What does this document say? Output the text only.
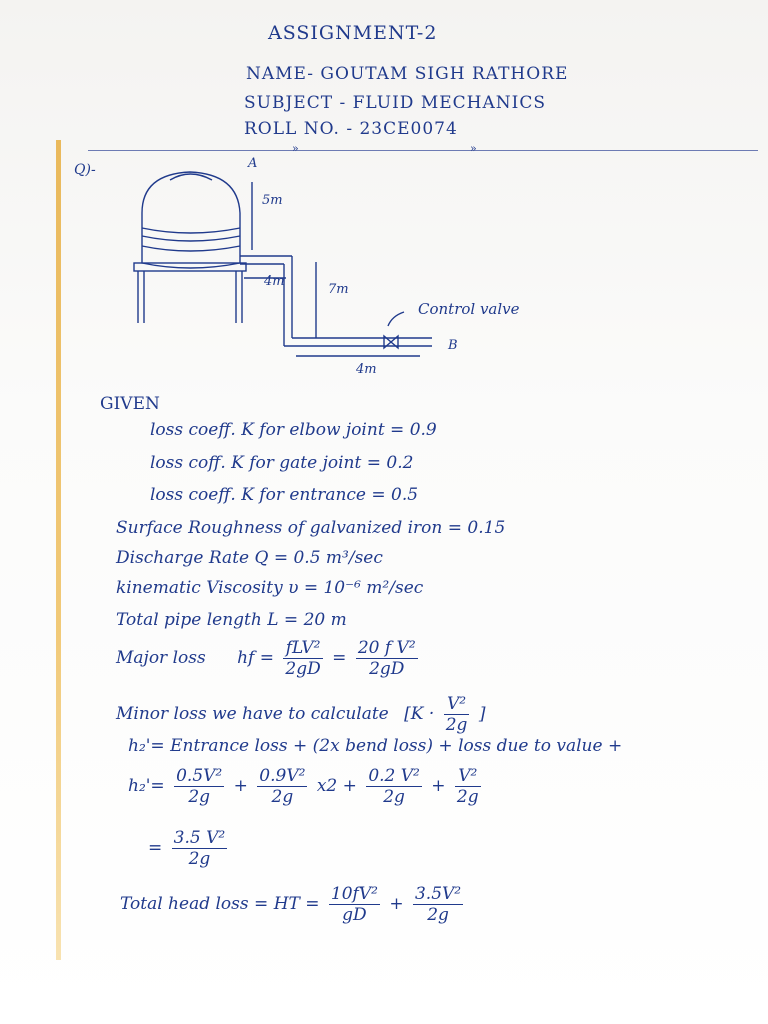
ASSIGNMENT-2
NAME- GOUTAM SIGH RATHORE
SUBJECT - FLUID MECHANICS
ROLL NO. - 23CE0074
»	»
Q)-	A
5m
4m
7m
Control valve
B
4m
GIVEN
loss coeff. K for elbow joint = 0.9
loss coff. K for gate joint = 0.2
loss coeff. K for entrance = 0.5
Surface Roughness of galvanized iron = 0.15
Discharge Rate Q = 0.5 m³/sec
kinematic Viscosity υ = 10⁻⁶ m²/sec
Total pipe length L = 20 m
Major loss hf = $\frac{\text{fLV²}}{2gD} = \frac{\text{20 f V²}}{2gD}$
Minor loss we have to calculate [$K \cdot \frac{\text{V²}}{2g}$ ]
h₂'= Entrance loss + (2x bend loss) + loss due to value +
$h_2'= \frac{\text{0.5V²}}{2g} + \frac{\text{0.9V²}}{2g} x2 + \frac{\text{0.2 V²}}{2g} + \frac{\text{V²}}{2g}$
= $\frac{\text{3.5 V²}}{2g}$
Total head loss = HT = $\frac{\text{10fV²}}{gD} + \frac{\text{3.5V²}}{2g}$
